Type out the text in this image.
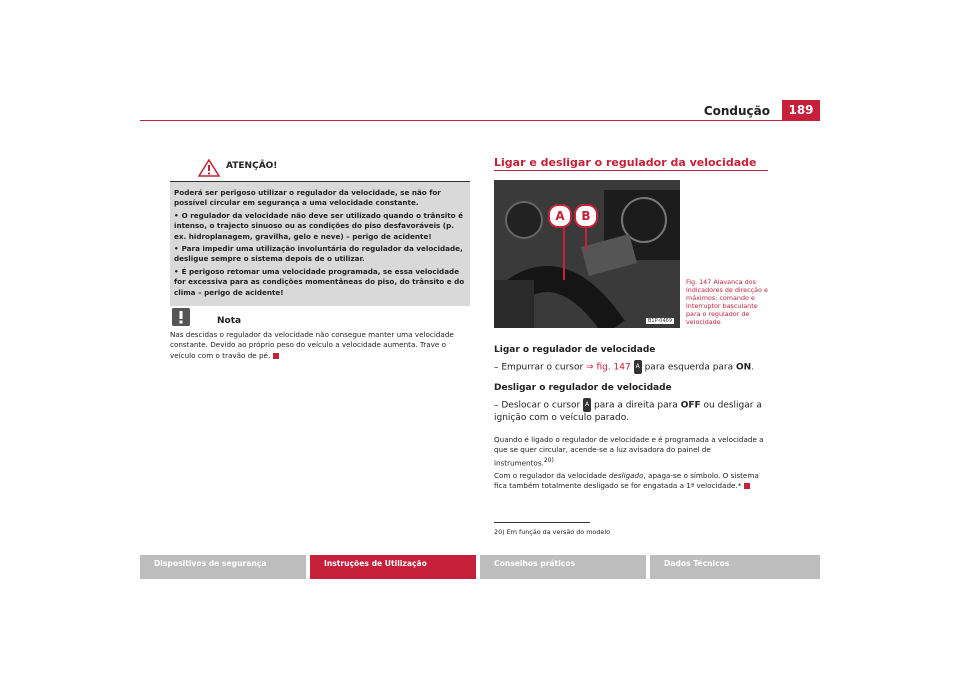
Condução	189
ATENÇÃO!

Poderá ser perigoso utilizar o regulador da velocidade, se não for possível circular em segurança a uma velocidade constante.

• O regulador da velocidade não deve ser utilizado quando o trânsito é intenso, o trajecto sinuoso ou as condições do piso desfavoráveis (p. ex. hidroplanagem, gravilha, gelo e neve) – perigo de acidente!

• Para impedir uma utilização involuntária do regulador da velocidade, desligue sempre o sistema depois de o utilizar.

• É perigoso retomar uma velocidade programada, se essa velocidade for excessiva para as condições momentâneas do piso, do trânsito e do clima – perigo de acidente!

Nota
Nas descidas o regulador da velocidade não consegue manter uma velocidade constante. Devido ao próprio peso do veículo a velocidade aumenta. Trave o veículo com o travão de pé.
Ligar e desligar o regulador da velocidade
A	B
B1P-0469
Fig. 147 Alavanca dos indicadores de direcção e máximos: comando e interruptor basculante para o regulador de velocidade
Ligar o regulador de velocidade
– Empurrar o cursor ⇒ fig. 147 A para esquerda para ON.
Desligar o regulador de velocidade
– Deslocar o cursor A para a direita para OFF ou desligar a ignição com o veículo parado.

Quando é ligado o regulador de velocidade e é programada a velocidade a que se quer circular, acende-se a luz avisadora do painel de instrumentos.$^{20)}$

Com o regulador da velocidade desligado, apaga-se o símbolo. O sistema fica também totalmente desligado se for engatada a 1ª velocidade.*

20) Em função da versão do modelo
Dispositivos de segurança	Instruções de Utilização	Conselhos práticos	Dados Técnicos
